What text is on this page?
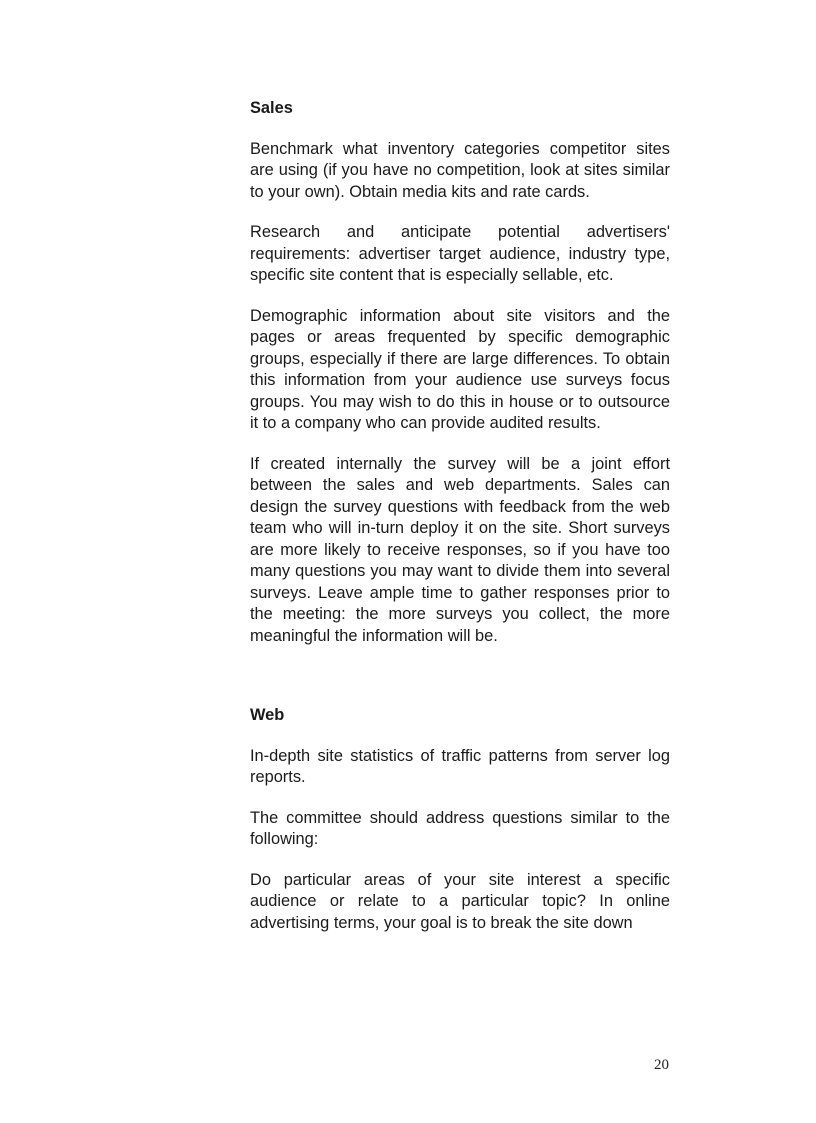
Sales

Benchmark what inventory categories competitor sites are using (if you have no competition, look at sites similar to your own). Obtain media kits and rate cards.

Research and anticipate potential advertisers' requirements: advertiser target audience, industry type, specific site content that is especially sellable, etc.

Demographic information about site visitors and the pages or areas frequented by specific demographic groups, especially if there are large differences. To obtain this information from your audience use surveys focus groups. You may wish to do this in house or to outsource it to a company who can provide audited results.

If created internally the survey will be a joint effort between the sales and web departments. Sales can design the survey questions with feedback from the web team who will in-turn deploy it on the site. Short surveys are more likely to receive responses, so if you have too many questions you may want to divide them into several surveys. Leave ample time to gather responses prior to the meeting: the more surveys you collect, the more meaningful the information will be.

Web

In-depth site statistics of traffic patterns from server log reports.

The committee should address questions similar to the following:

Do particular areas of your site interest a specific audience or relate to a particular topic? In online advertising terms, your goal is to break the site down

20
